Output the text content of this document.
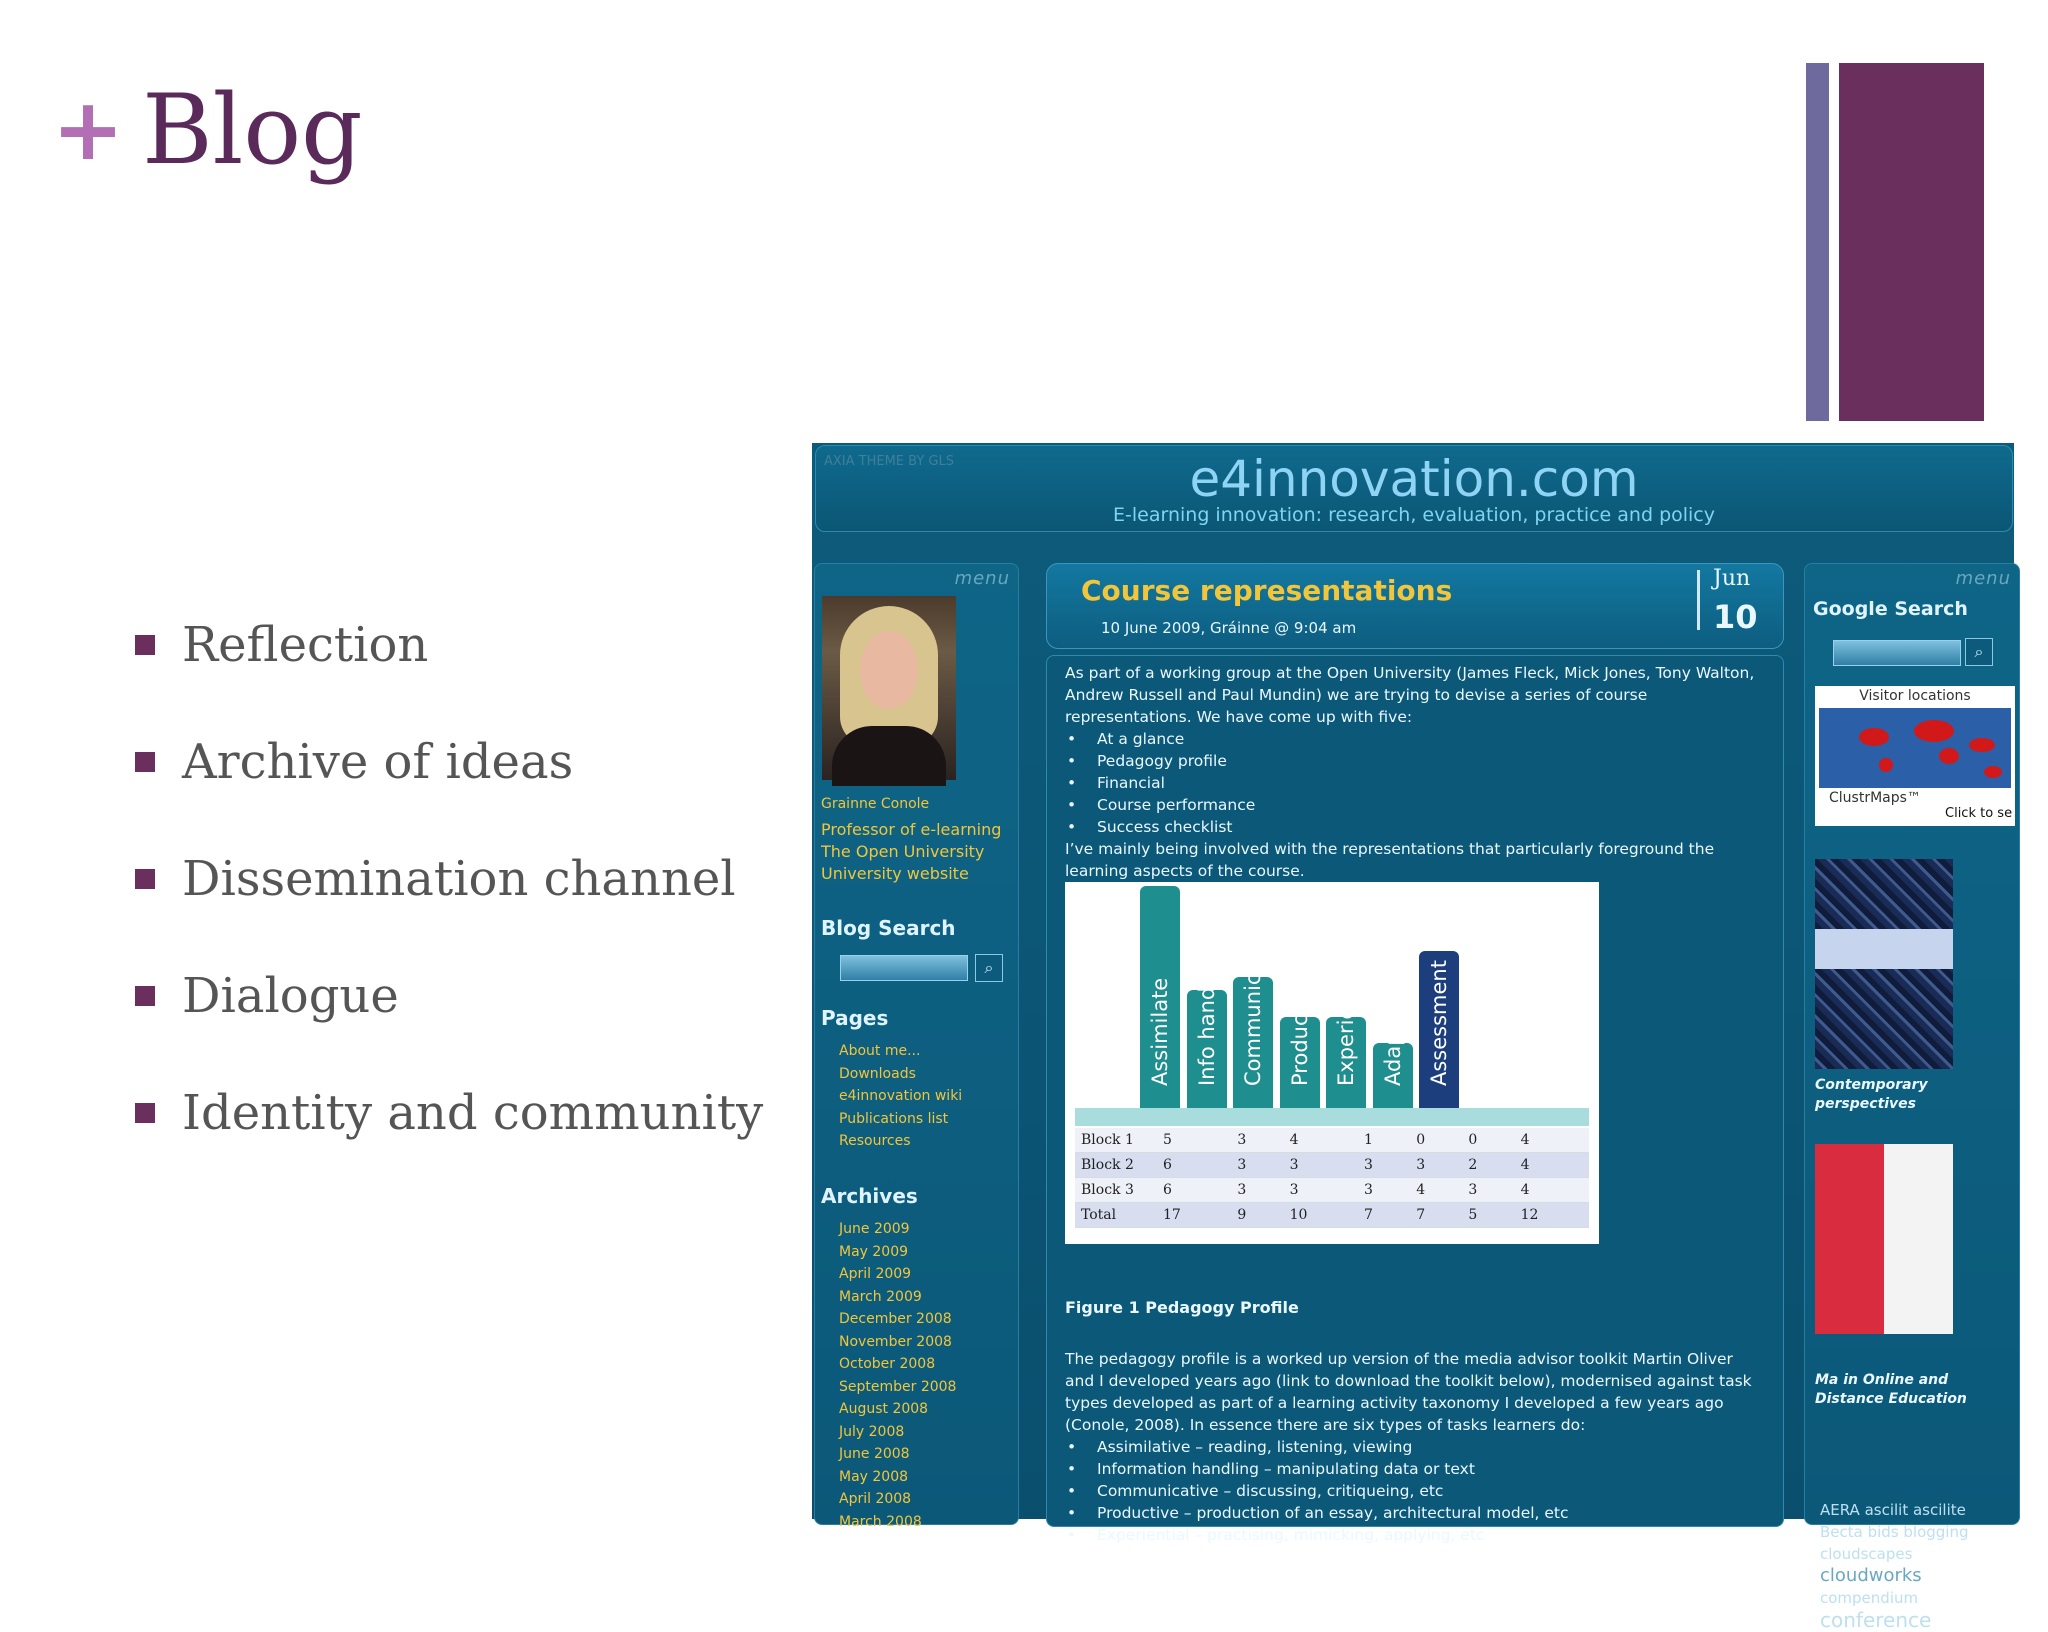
+ Blog
Reflection
Archive of ideas
Dissemination channel
Dialogue
Identity and community
AXIA THEME BY GLS	e4innovation.com
E-learning innovation: research, evaluation, practice and policy
menu
Grainne Conole
Professor of e-learning
The Open University
University website
Blog Search
⌕
Pages
About me...
Downloads
e4innovation wiki
Publications list
Resources
Archives
June 2009
May 2009
April 2009
March 2009
December 2008
November 2008
October 2008
September 2008
August 2008
July 2008
June 2008
May 2008
April 2008
March 2008
Course representations
10 June 2009, Gráinne @ 9:04 am
Jun
10
As part of a working group at the Open University (James Fleck, Mick Jones, Tony Walton, Andrew Russell and Paul Mundin) we are trying to devise a series of course representations. We have come up with five:
• At a glance
• Pedagogy profile
• Financial
• Course performance
• Success checklist
I’ve mainly being involved with the representations that particularly foreground the learning aspects of the course.
Block 1	5	3	4	1	0	0	4
Block 2	6	3	3	3	3	2	4
Block 3	6	3	3	3	4	3	4
Total	17	9	10	7	7	5	12
Assimilate Info handling Communication Productive Experiential Adaptive Assessment
Figure 1 Pedagogy Profile
The pedagogy profile is a worked up version of the media advisor toolkit Martin Oliver and I developed years ago (link to download the toolkit below), modernised against task types developed as part of a learning activity taxonomy I developed a few years ago (Conole, 2008). In essence there are six types of tasks learners do:
• Assimilative – reading, listening, viewing
• Information handling – manipulating data or text
• Communicative – discussing, critiqueing, etc
• Productive – production of an essay, architectural model, etc
• Experiential – practising, mimicking, applying, etc
menu
Google Search
⌕
Visitor locations
ClustrMaps™
Click to se
Contemporary
perspectives
Ma in Online and
Distance Education
AERA ascilit ascilite
Becta bids blogging
cloudscapes
cloudworks
compendium
conference
